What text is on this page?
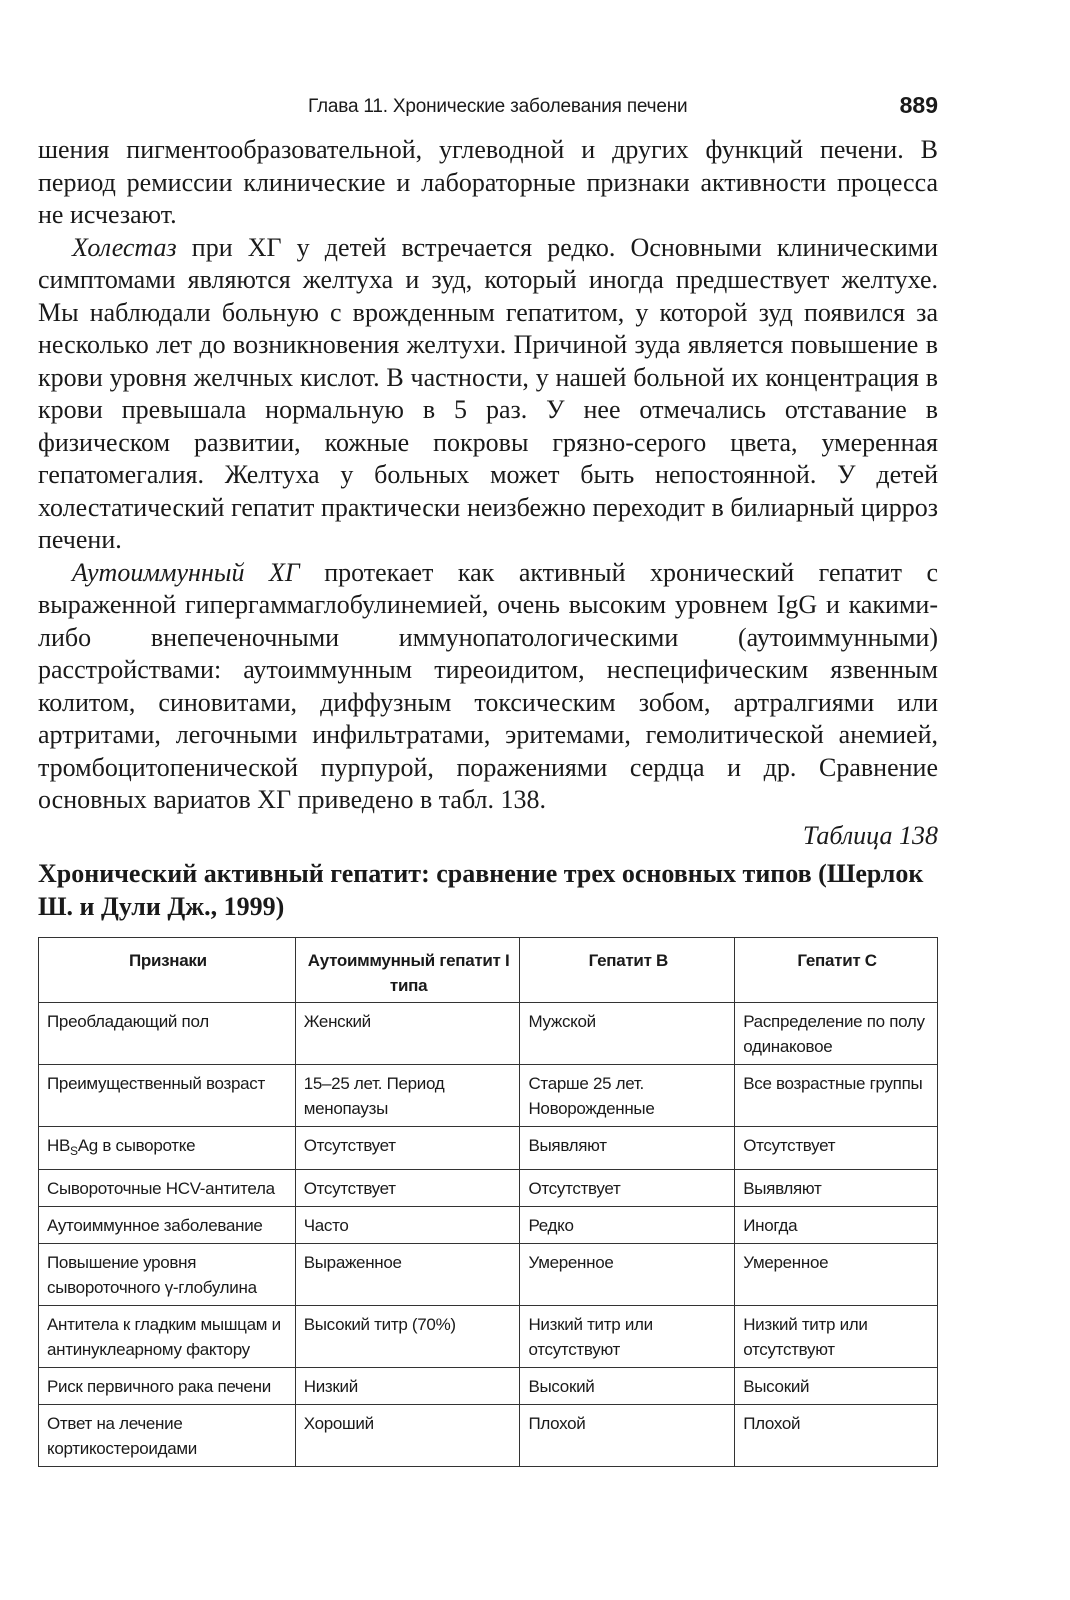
Глава 11. Хронические заболевания печени	889

шения пигментообразовательной, углеводной и других функций печени. В период ремиссии клинические и лабораторные признаки активности процесса не исчезают.

Холестаз при ХГ у детей встречается редко. Основными клиническими симптомами являются желтуха и зуд, который иногда предшествует желтухе. Мы наблюдали больную с врожденным гепатитом, у которой зуд появился за несколько лет до возникновения желтухи. Причиной зуда является повышение в крови уровня желчных кислот. В частности, у нашей больной их концентрация в крови превышала нормальную в 5 раз. У нее отмечались отставание в физическом развитии, кожные покровы грязно-серого цвета, умеренная гепатомегалия. Желтуха у больных может быть непостоянной. У детей холестатический гепатит практически неизбежно переходит в билиарный цирроз печени.

Аутоиммунный ХГ протекает как активный хронический гепатит с выраженной гипергаммаглобулинемией, очень высоким уровнем IgG и какими-либо внепеченочными иммунопатологическими (аутоиммунными) расстройствами: аутоиммунным тиреоидитом, неспецифическим язвенным колитом, синовитами, диффузным токсическим зобом, артралгиями или артритами, легочными инфильтратами, эритемами, гемолитической анемией, тромбоцитопенической пурпурой, поражениями сердца и др. Сравнение основных вариатов ХГ приведено в табл. 138.

Таблица 138
Хронический активный гепатит: сравнение трех основных типов (Шерлок Ш. и Дули Дж., 1999)
Признаки	Аутоиммунный гепатит I типа	Гепатит В	Гепатит С
Преобладающий пол	Женский	Мужской	Распределение по полу одинаковое
Преимущественный возраст	15–25 лет. Период менопаузы	Старше 25 лет. Новорожденные	Все возрастные группы
$HB_SAg$ в сыворотке	Отсутствует	Выявляют	Отсутствует
Сывороточные HCV-антитела	Отсутствует	Отсутствует	Выявляют
Аутоиммунное заболевание	Часто	Редко	Иногда
Повышение уровня сывороточного γ-глобулина	Выраженное	Умеренное	Умеренное
Антитела к гладким мышцам и антинуклеарному фактору	Высокий титр (70%)	Низкий титр или отсутствуют	Низкий титр или отсутствуют
Риск первичного рака печени	Низкий	Высокий	Высокий
Ответ на лечение кортикостероидами	Хороший	Плохой	Плохой
